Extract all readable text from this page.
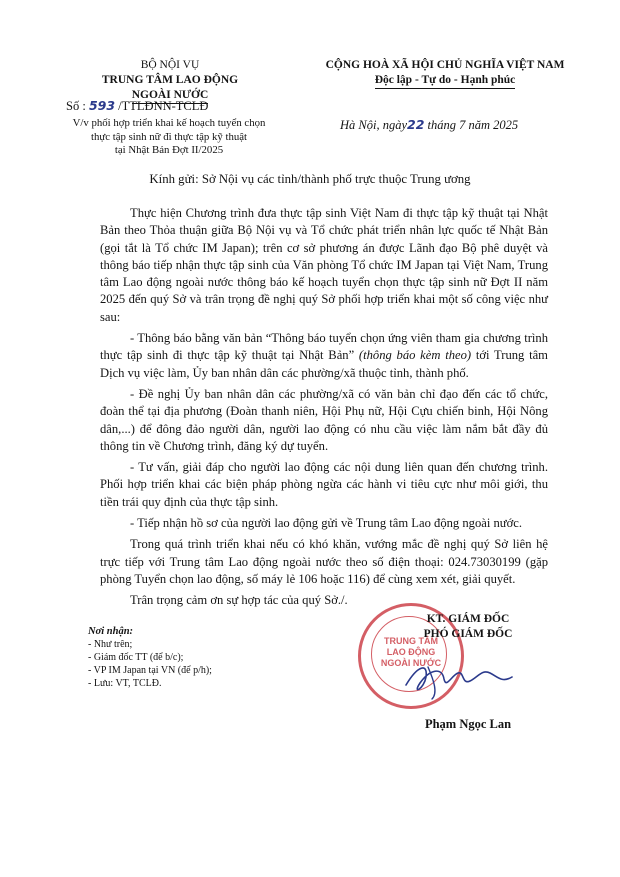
BỘ NỘI VỤ
TRUNG TÂM LAO ĐỘNG
NGOÀI NƯỚC
Số : 593 /TTLĐNN-TCLĐ
V/v phối hợp triển khai kế hoạch tuyển chọn
thực tập sinh nữ đi thực tập kỹ thuật
tại Nhật Bản Đợt II/2025
CỘNG HOÀ XÃ HỘI CHỦ NGHĨA VIỆT NAM
Độc lập - Tự do - Hạnh phúc
Hà Nội, ngày22 tháng 7 năm 2025
Kính gửi: Sở Nội vụ các tỉnh/thành phố trực thuộc Trung ương

Thực hiện Chương trình đưa thực tập sinh Việt Nam đi thực tập kỹ thuật tại Nhật Bản theo Thỏa thuận giữa Bộ Nội vụ và Tổ chức phát triển nhân lực quốc tế Nhật Bản (gọi tắt là Tổ chức IM Japan); trên cơ sở phương án được Lãnh đạo Bộ phê duyệt và thông báo tiếp nhận thực tập sinh của Văn phòng Tổ chức IM Japan tại Việt Nam, Trung tâm Lao động ngoài nước thông báo kế hoạch tuyển chọn thực tập sinh nữ Đợt II năm 2025 đến quý Sở và trân trọng đề nghị quý Sở phối hợp triển khai một số công việc như sau:

- Thông báo bằng văn bản “Thông báo tuyển chọn ứng viên tham gia chương trình thực tập sinh đi thực tập kỹ thuật tại Nhật Bản” (thông báo kèm theo) tới Trung tâm Dịch vụ việc làm, Ủy ban nhân dân các phường/xã thuộc tỉnh, thành phố.

- Đề nghị Ủy ban nhân dân các phường/xã có văn bản chỉ đạo đến các tổ chức, đoàn thể tại địa phương (Đoàn thanh niên, Hội Phụ nữ, Hội Cựu chiến binh, Hội Nông dân,...) để đông đảo người dân, người lao động có nhu cầu việc làm nắm bắt đầy đủ thông tin về Chương trình, đăng ký dự tuyển.

- Tư vấn, giải đáp cho người lao động các nội dung liên quan đến chương trình. Phối hợp triển khai các biện pháp phòng ngừa các hành vi tiêu cực như môi giới, thu tiền trái quy định của thực tập sinh.

- Tiếp nhận hồ sơ của người lao động gửi về Trung tâm Lao động ngoài nước.

Trong quá trình triển khai nếu có khó khăn, vướng mắc đề nghị quý Sở liên hệ trực tiếp với Trung tâm Lao động ngoài nước theo số điện thoại: 024.73030199 (gặp phòng Tuyển chọn lao động, số máy lẻ 106 hoặc 116) để cùng xem xét, giải quyết.

Trân trọng cảm ơn sự hợp tác của quý Sở./.

Nơi nhận:
- Như trên;
- Giám đốc TT (để b/c);
- VP IM Japan tại VN (để p/h);
- Lưu: VT, TCLĐ.
TRUNG TÂM
LAO ĐỘNG
NGOÀI NƯỚC
KT. GIÁM ĐỐC
PHÓ GIÁM ĐỐC
Phạm Ngọc Lan
